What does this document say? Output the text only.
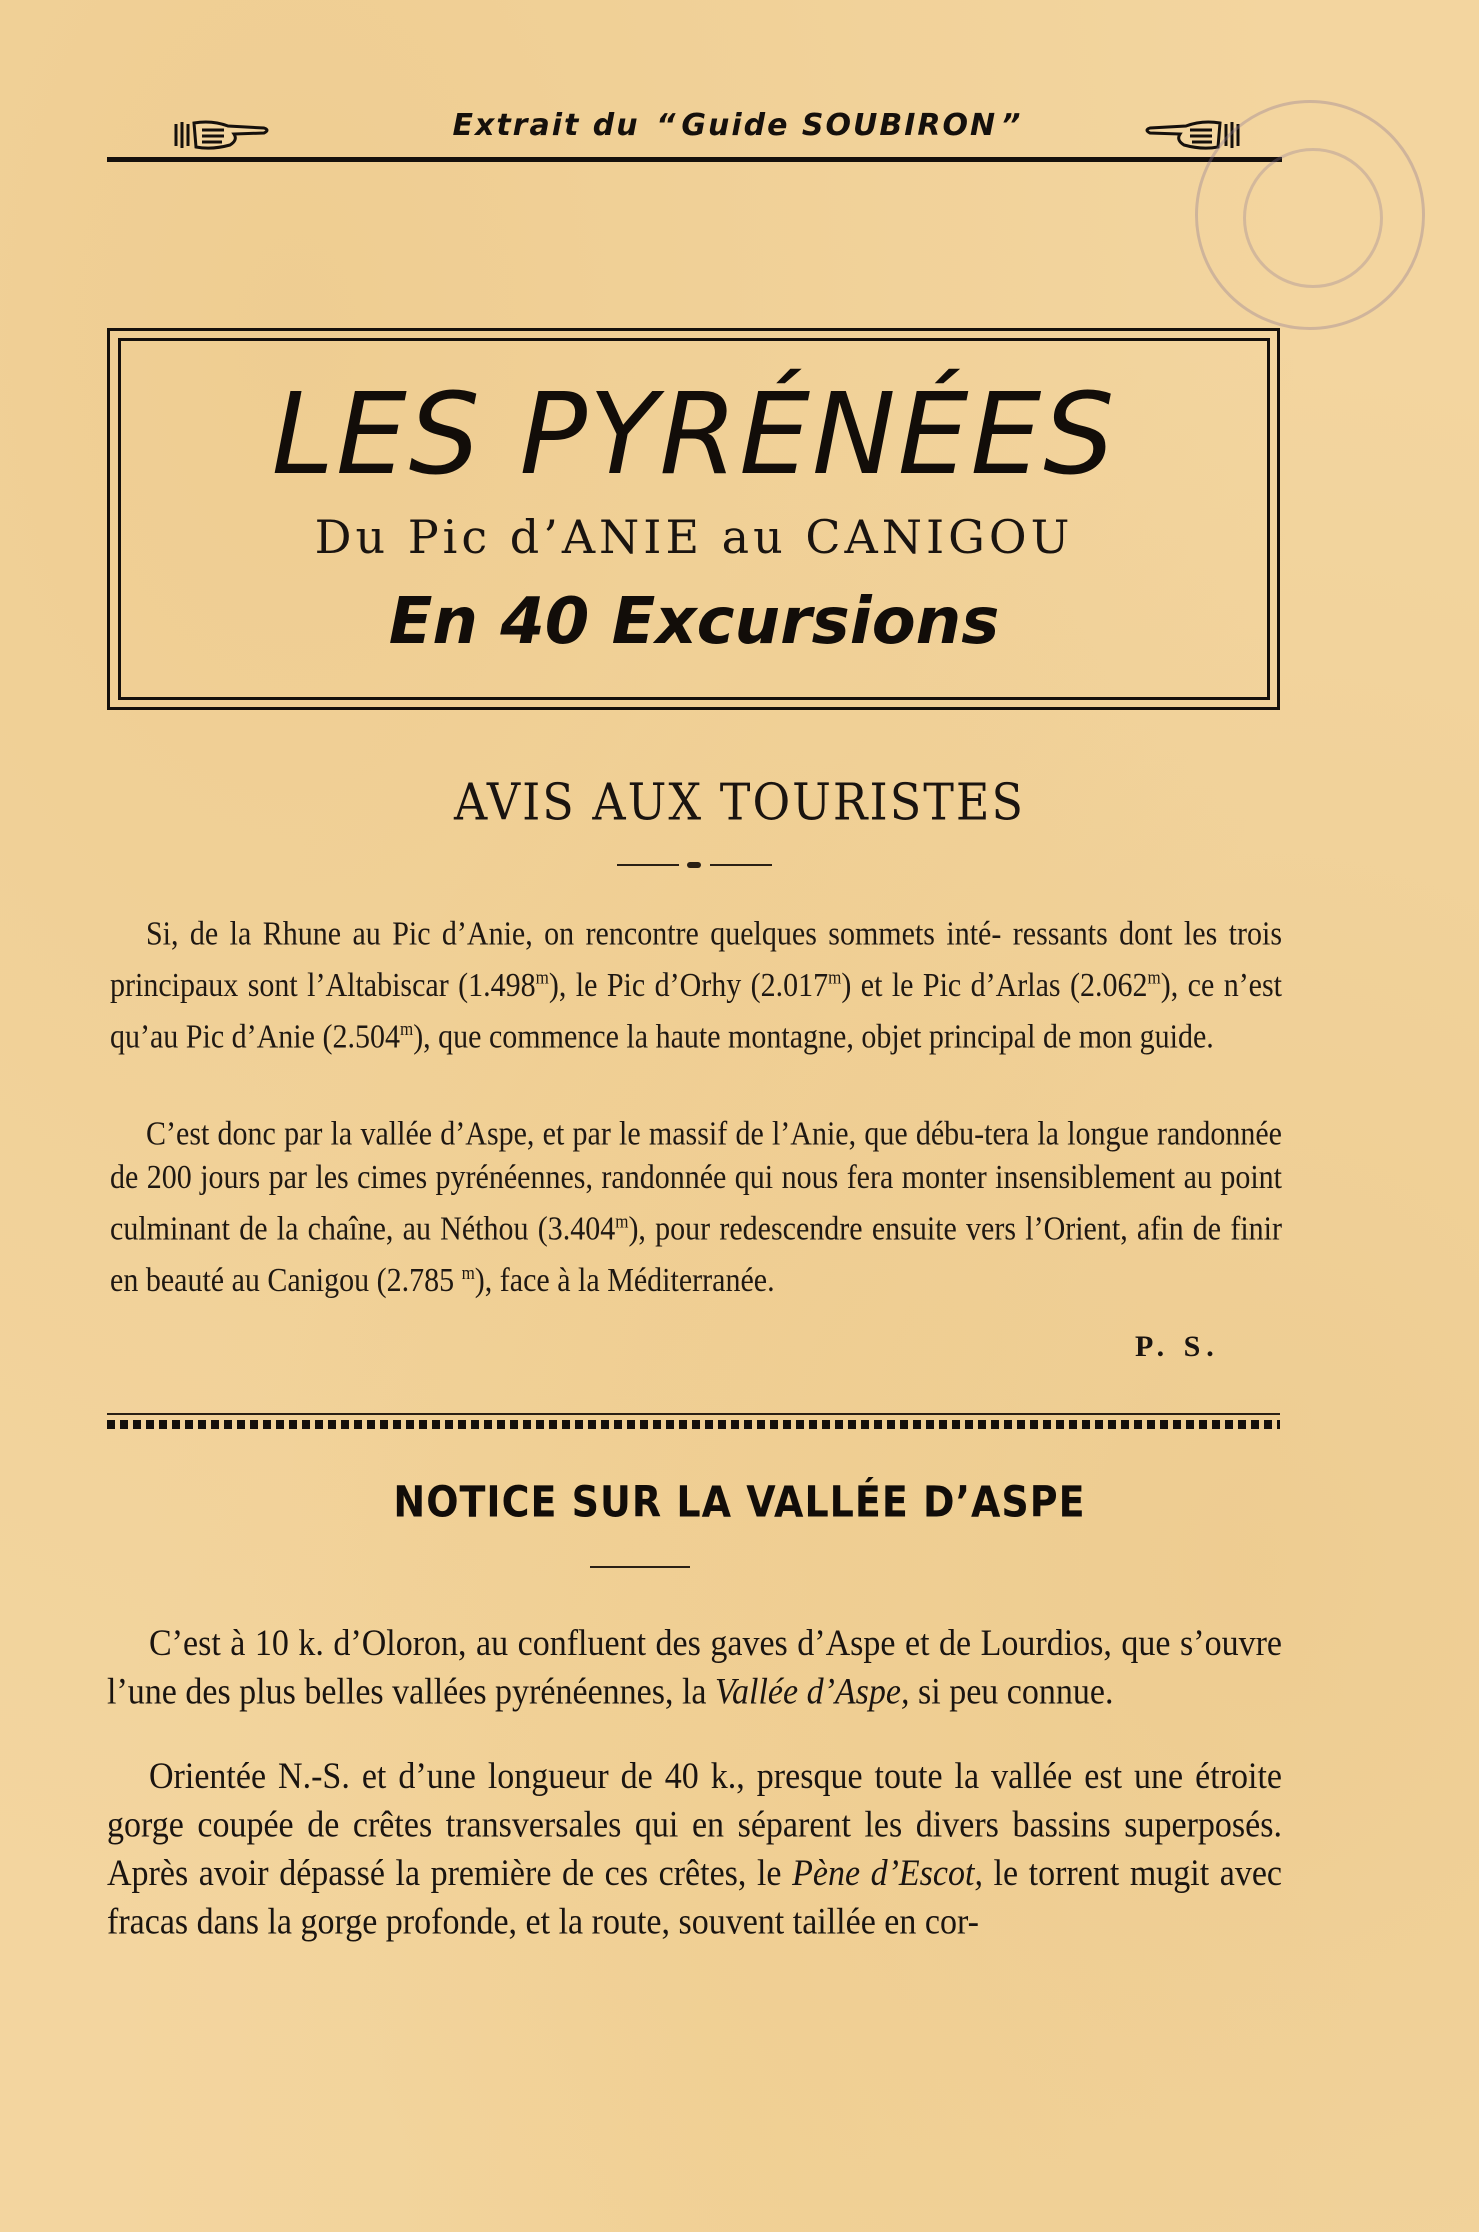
Extrait du “ Guide SOUBIRON ”
LES PYRÉNÉES
Du Pic d’ANIE au CANIGOU
En 40 Excursions
AVIS AUX TOURISTES
Si, de la Rhune au Pic d’Anie, on rencontre quelques sommets inté- ressants dont les trois principaux sont l’Altabiscar (1.498$^m$), le Pic d’Orhy (2.017$^m$) et le Pic d’Arlas (2.062$^m$), ce n’est qu’au Pic d’Anie (2.504$^m$), que commence la haute montagne, objet principal de mon guide.
C’est donc par la vallée d’Aspe, et par le massif de l’Anie, que débu-tera la longue randonnée de 200 jours par les cimes pyrénéennes, randonnée qui nous fera monter insensiblement au point culminant de la chaîne, au Néthou (3.404$^m$), pour redescendre ensuite vers l’Orient, afin de finir en beauté au Canigou (2.785 $^m$), face à la Méditerranée.
P. S.
NOTICE SUR LA VALLÉE D’ASPE
C’est à 10 k. d’Oloron, au confluent des gaves d’Aspe et de Lourdios, que s’ouvre l’une des plus belles vallées pyrénéennes, la Vallée d’Aspe, si peu connue.
Orientée N.-S. et d’une longueur de 40 k., presque toute la vallée est une étroite gorge coupée de crêtes transversales qui en séparent les divers bassins superposés. Après avoir dépassé la première de ces crêtes, le Pène d’Escot, le torrent mugit avec fracas dans la gorge profonde, et la route, souvent taillée en cor-
